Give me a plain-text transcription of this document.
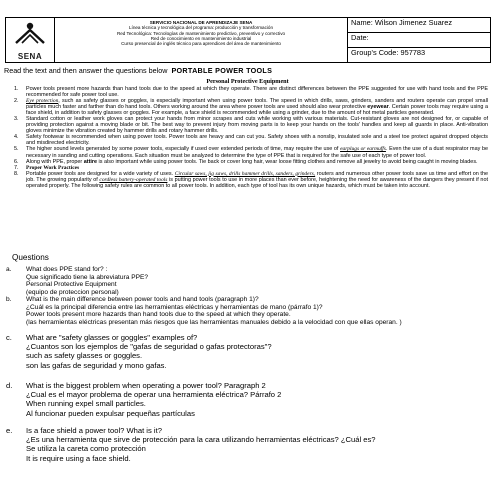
SENA

SERVICIO NACIONAL DE APRENDIZAJE SENA
Línea técnica y tecnológica del programa: producción y transformación
Red Tecnológica: Tecnologías de mantenimiento predictivo, preventivo y correctivo
Red de conocimiento en mantenimiento industrial
Curso presencial de inglés técnico para aprendices del área de mantenimiento

Name: Wilson Jimenez Suarez

Date:

Group's Code: 957783
Read the text and then answer the questions below PORTABLE POWER TOOLS
Personal Protective Equipment
1. Power tools present more hazards than hand tools due to the speed at which they operate. There are distinct differences between the PPE suggested for use with hand tools and the PPE recommended for safe power tool use.
2. Eye protection, such as safety glasses or goggles, is especially important when using power tools. The speed in which drills, saws, grinders, sanders and routers operate can propel small particles much faster and farther than do hand tools. Others working around the area where power tools are used should also wear protective eyewear. Certain power tools may require using a face shield, in addition to safety glasses or goggles. For example, a face shield is recommended while using a grinder, due to the amount of hot metal particles generated.
3. Standard cotton or leather work gloves can protect your hands from minor scrapes and cuts while working with various materials. Cut-resistant gloves are not designed for, or capable of providing protection against a moving blade or bit. The best way to prevent injury from moving parts is to keep your hands on the tools' handles and keep all guards in place. Anti-vibration gloves minimize the vibration created by hammer drills and rotary hammer drills.
4. Safety footwear is recommended when using power tools. Power tools are heavy and can cut you. Safety shoes with a nonslip, insulated sole and a steel toe protect against dropped objects and misdirected electricity.
5. The higher sound levels generated by some power tools, especially if used over extended periods of time, may require the use of earplugs or earmuffs. Even the use of a dust respirator may be necessary in sanding and cutting operations. Each situation must be analyzed to determine the type of PPE that is required for the safe use of each type of power tool.
6. Along with PPE, proper attire is also important while using power tools. Tie back or cover long hair, wear loose fitting clothes and remove all jewelry to avoid being caught in moving blades.
7. Proper Work Practices
8. Portable power tools are designed for a wide variety of uses. Circular saws, jig saws, drills hammer drills, sanders, grinders, routers and numerous other power tools save us time and effort on the job. The growing popularity of cordless battery-operated tools is putting power tools to use in more places than ever before, heightening the need for awareness of the dangers they present if not operated properly. The following safety rules are common to all power tools. In addition, each type of tool has its own unique hazards, which must be taken into account.
Questions
a. What does PPE stand for? :
Que significado tiene la abreviatura PPE?
Personal Protective Equipment
(equipo de proteccion personal)
b. What is the main difference between power tools and hand tools (paragraph 1)?
¿Cuál es la principal diferencia entre las herramientas eléctricas y herramientas de mano (párrafo 1)?
Power tools present more hazards than hand tools due to the speed at which they operate.
(las herramientas eléctricas presentan más riesgos que las herramientas manuales debido a la velocidad con que ellas operan. )
c. What are "safety glasses or goggles" examples of?
¿Cuantos son los ejemplos de "gafas de seguridad o gafas protectoras"?
such as safety glasses or goggles.
son las gafas de seguridad y mono gafas.
d. What is the biggest problem when operating a power tool? Paragraph 2
¿Cual es el mayor problema de operar una herramienta eléctrica? Párrafo 2
When running expel small particles.
Al funcionar pueden expulsar pequeñas partículas
e. Is a face shield a power tool? What is it?
¿Es una herramienta que sirve de protección para la cara utilizando herramientas eléctricas? ¿Cuál es?
Se utiliza la careta como protección
It is require using a face shield.
